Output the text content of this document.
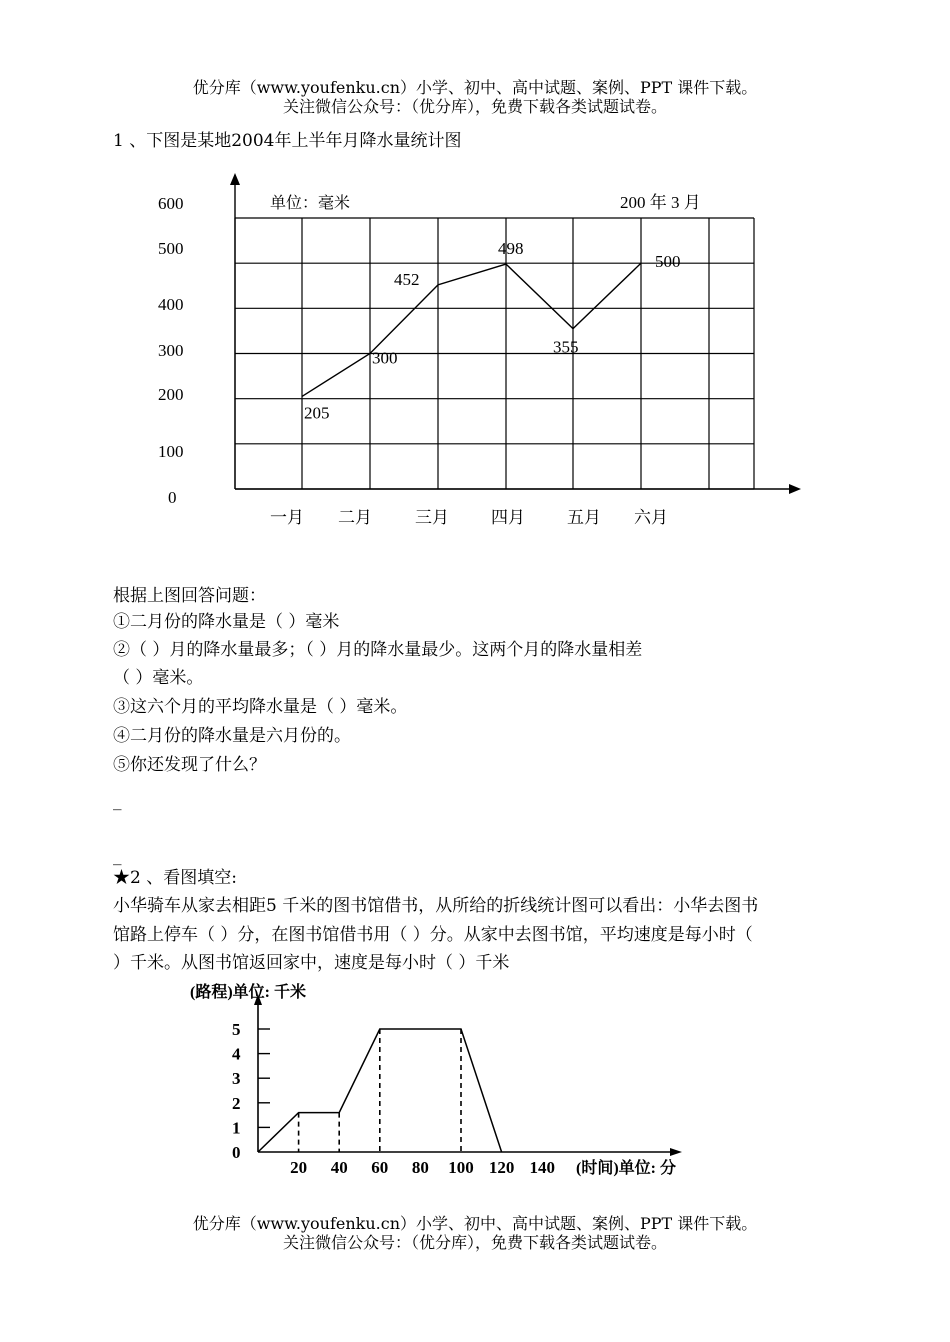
优分库（www.youfenku.cn）小学、初中、高中试题、案例、PPT 课件下载。
关注微信公众号：（优分库），免费下载各类试题试卷。
1 、下图是某地2004年上半年月降水量统计图
0
100
200
300
400
500
600
一月 二月	三月 四月 五月 六月
205
300
452
498
355
500
单位：毫米	200 年 3 月
根据上图回答问题：
①二月份的降水量是（ ）毫米
②（ ）月的降水量最多；（ ）月的降水量最少。这两个月的降水量相差
（ ）毫米。
③这六个月的平均降水量是（ ）毫米。
④二月份的降水量是六月份的。
⑤你还发现了什么？
_
_
★2 、看图填空:
小华骑车从家去相距5 千米的图书馆借书，从所给的折线统计图可以看出：小华去图书
馆路上停车（ ）分，在图书馆借书用（ ）分。从家中去图书馆，平均速度是每小时（
）千米。从图书馆返回家中，速度是每小时（ ）千米
0
1
2
3
4
5
20 40 60 80 100 120 140
(路程)单位: 千米
(时间)单位: 分
优分库（www.youfenku.cn）小学、初中、高中试题、案例、PPT 课件下载。
关注微信公众号：（优分库），免费下载各类试题试卷。
